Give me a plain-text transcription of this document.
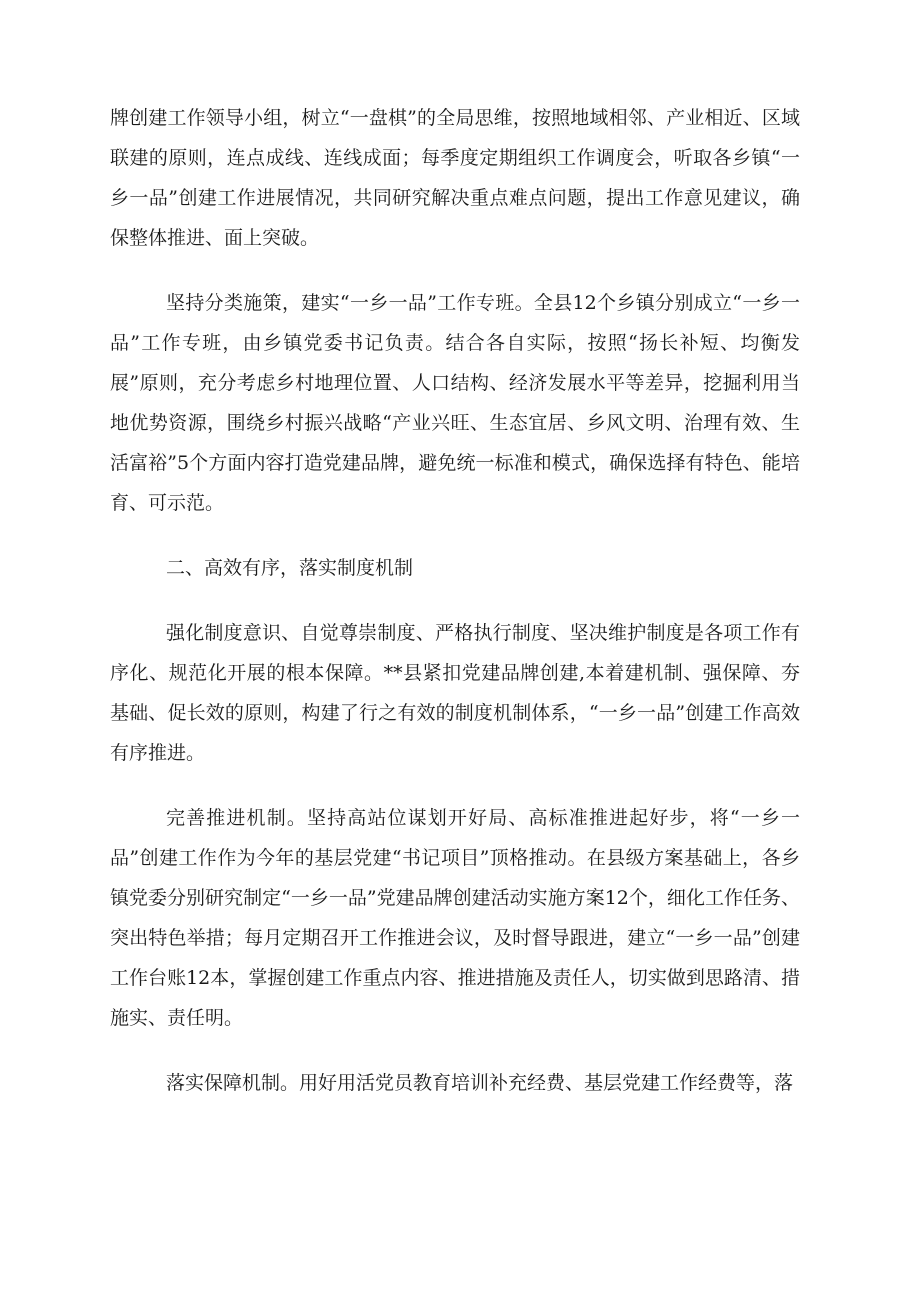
牌创建工作领导小组，树立“一盘棋”的全局思维，按照地域相邻、产业相近、区域联建的原则，连点成线、连线成面；每季度定期组织工作调度会，听取各乡镇“一乡一品”创建工作进展情况，共同研究解决重点难点问题，提出工作意见建议，确保整体推进、面上突破。

坚持分类施策，建实“一乡一品”工作专班。全县12个乡镇分别成立“一乡一品”工作专班，由乡镇党委书记负责。结合各自实际，按照“扬长补短、均衡发展”原则，充分考虑乡村地理位置、人口结构、经济发展水平等差异，挖掘利用当地优势资源，围绕乡村振兴战略“产业兴旺、生态宜居、乡风文明、治理有效、生活富裕”5个方面内容打造党建品牌，避免统一标准和模式，确保选择有特色、能培育、可示范。

二、高效有序，落实制度机制

强化制度意识、自觉尊崇制度、严格执行制度、坚决维护制度是各项工作有序化、规范化开展的根本保障。**县紧扣党建品牌创建,本着建机制、强保障、夯基础、促长效的原则，构建了行之有效的制度机制体系，“一乡一品”创建工作高效有序推进。

完善推进机制。坚持高站位谋划开好局、高标准推进起好步，将“一乡一品”创建工作作为今年的基层党建“书记项目”顶格推动。在县级方案基础上，各乡镇党委分别研究制定“一乡一品”党建品牌创建活动实施方案12个，细化工作任务、突出特色举措；每月定期召开工作推进会议，及时督导跟进，建立“一乡一品”创建工作台账12本，掌握创建工作重点内容、推进措施及责任人，切实做到思路清、措施实、责任明。

落实保障机制。用好用活党员教育培训补充经费、基层党建工作经费等，落
